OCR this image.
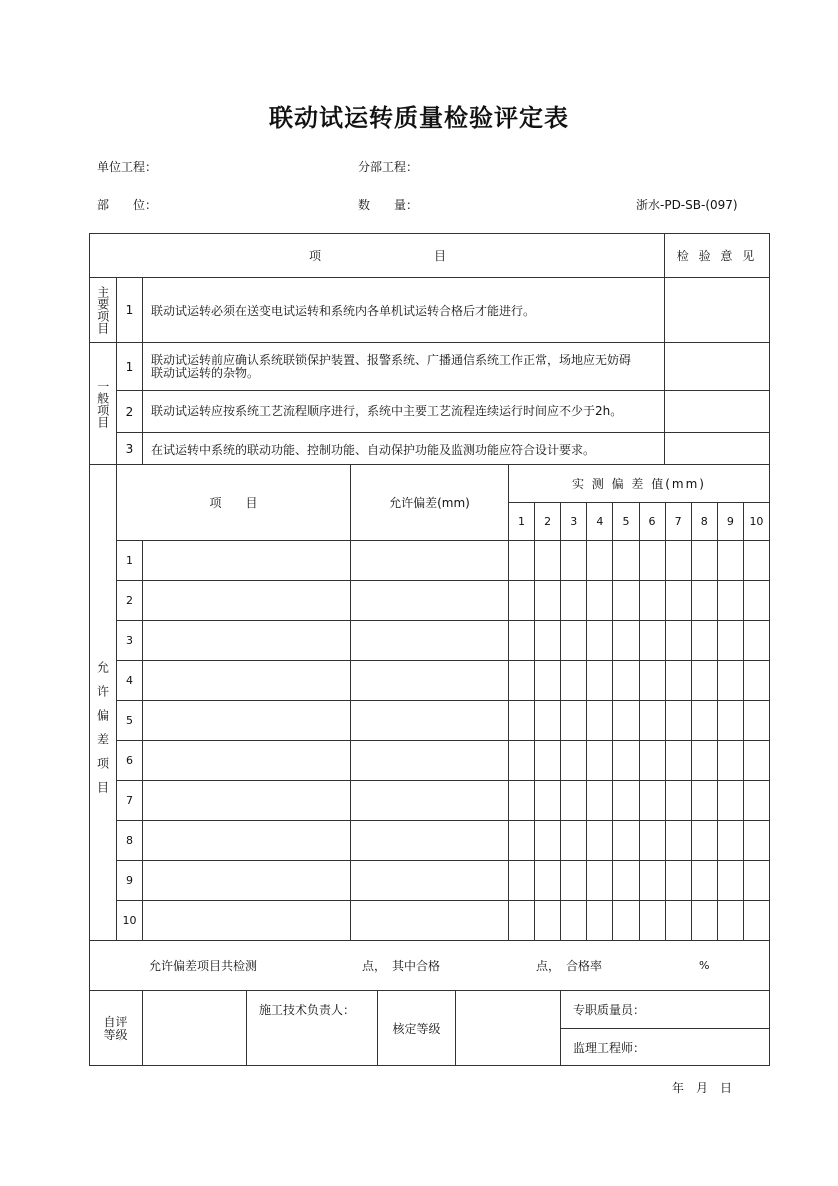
联动试运转质量检验评定表
单位工程：	分部工程：
部　　位：	数　　量：	浙水-PD-SB-(097)
项	目	检 验 意 见
主要项目	1	联动试运转必须在送变电试运转和系统内各单机试运转合格后才能进行。
一般项目
1	联动试运转前应确认系统联锁保护装置、报警系统、广播通信系统工作正常，场地应无妨碍联动试运转的杂物。
2	联动试运转应按系统工艺流程顺序进行，系统中主要工艺流程连续运行时间应不少于2h。
3	在试运转中系统的联动功能、控制功能、自动保护功能及监测功能应符合设计要求。
允许偏差项目
项　　目	允许偏差(mm)
实 测 偏 差 值(mm)
1	2	3	4	5	6	7	8	9	10
1
2
3
4
5
6
7
8
9
10
允许偏差项目共检测	点，　其中合格	点，　合格率	%
自评等级
施工技术负责人：
核定等级
专职质量员：
监理工程师：
年　月　日
